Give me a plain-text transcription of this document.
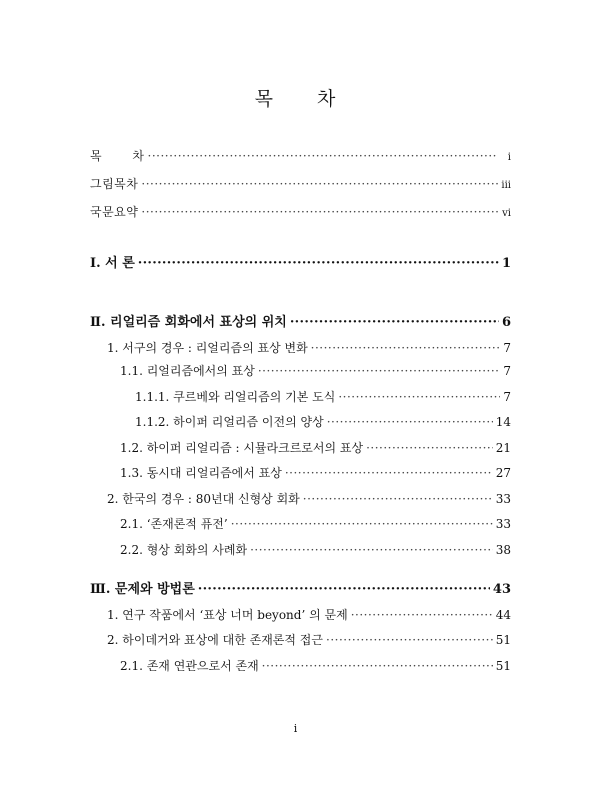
목 차
목 차 ·····	i
그림목차 ·····	iii
국문요약 ·····	vi
Ⅰ. 서 론 ·····	1
Ⅱ. 리얼리즘 회화에서 표상의 위치 ·····	6
1. 서구의 경우 : 리얼리즘의 표상 변화 ·····	7
1.1. 리얼리즘에서의 표상 ·····	7
1.1.1. 쿠르베와 리얼리즘의 기본 도식 ·····	7
1.1.2. 하이퍼 리얼리즘 이전의 양상 ·····	14
1.2. 하이퍼 리얼리즘 : 시뮬라크르로서의 표상 ·····	21
1.3. 동시대 리얼리즘에서 표상 ·····	27
2. 한국의 경우 : 80년대 신형상 회화 ·····	33
2.1. ‘존재론적 퓨전’ ·····	33
2.2. 형상 회화의 사례화 ·····	38
Ⅲ. 문제와 방법론 ·····	43
1. 연구 작품에서 ‘표상 너머 beyond’ 의 문제 ·····	44
2. 하이데거와 표상에 대한 존재론적 접근 ·····	51
2.1. 존재 연관으로서 존재 ·····	51
i
